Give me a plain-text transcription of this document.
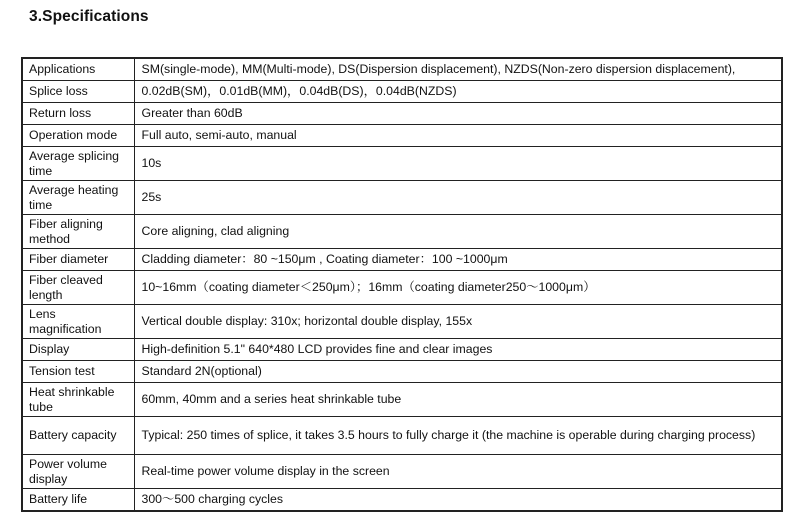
3.Specifications
Applications	SM(single-mode), MM(Multi-mode), DS(Dispersion displacement), NZDS(Non-zero dispersion displacement),
Splice loss	0.02dB(SM)，0.01dB(MM)，0.04dB(DS)，0.04dB(NZDS)
Return loss	Greater than 60dB
Operation mode	Full auto, semi-auto, manual
Average splicing time	10s
Average heating time	25s
Fiber aligning method	Core aligning, clad aligning
Fiber diameter	Cladding diameter：80 ~150μm , Coating diameter：100 ~1000μm
Fiber cleaved length	10~16mm（coating diameter＜250μm）；16mm（coating diameter250～1000μm）
Lens magnification	Vertical double display: 310x; horizontal double display, 155x
Display	High-definition 5.1" 640*480 LCD provides fine and clear images
Tension test	Standard 2N(optional)
Heat shrinkable tube	60mm, 40mm and a series heat shrinkable tube
Battery capacity	Typical: 250 times of splice, it takes 3.5 hours to fully charge it (the machine is operable during charging process)
Power volume display	Real-time power volume display in the screen
Battery life	300～500 charging cycles
